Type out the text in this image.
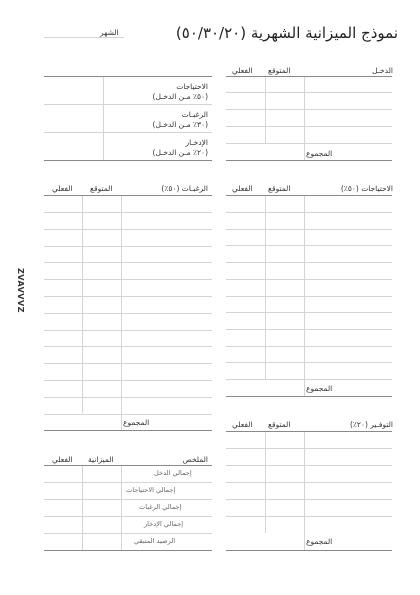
نموذج الميزانية الشهرية (٥٠/٣٠/٢٠)
الشهر
ZVAVVVZ
الدخـل
المتوقع
الفعلي
المجموع
الاحتياجات
(٥٠٪ مـن الدخـل)
الرغبـات
(٣٠٪ مـن الدخـل)
الإدخـار
(٢٠٪ مـن الدخـل)
الرغبـات (٥٠٪)
المتوقع
الفعلي
المجموع
الاحتياجات (٥٠٪)
المتوقع
الفعلي
المجموع
التوفـير (٢٠٪)
المتوقع
الفعلي
المجموع
الملخص
الميزانية
الفعلي
إجمالي الدخل
إجمالي الاحتياجات
إجمالي الرغبات
إجمالي الإدخار
الرصيد المتبقي
